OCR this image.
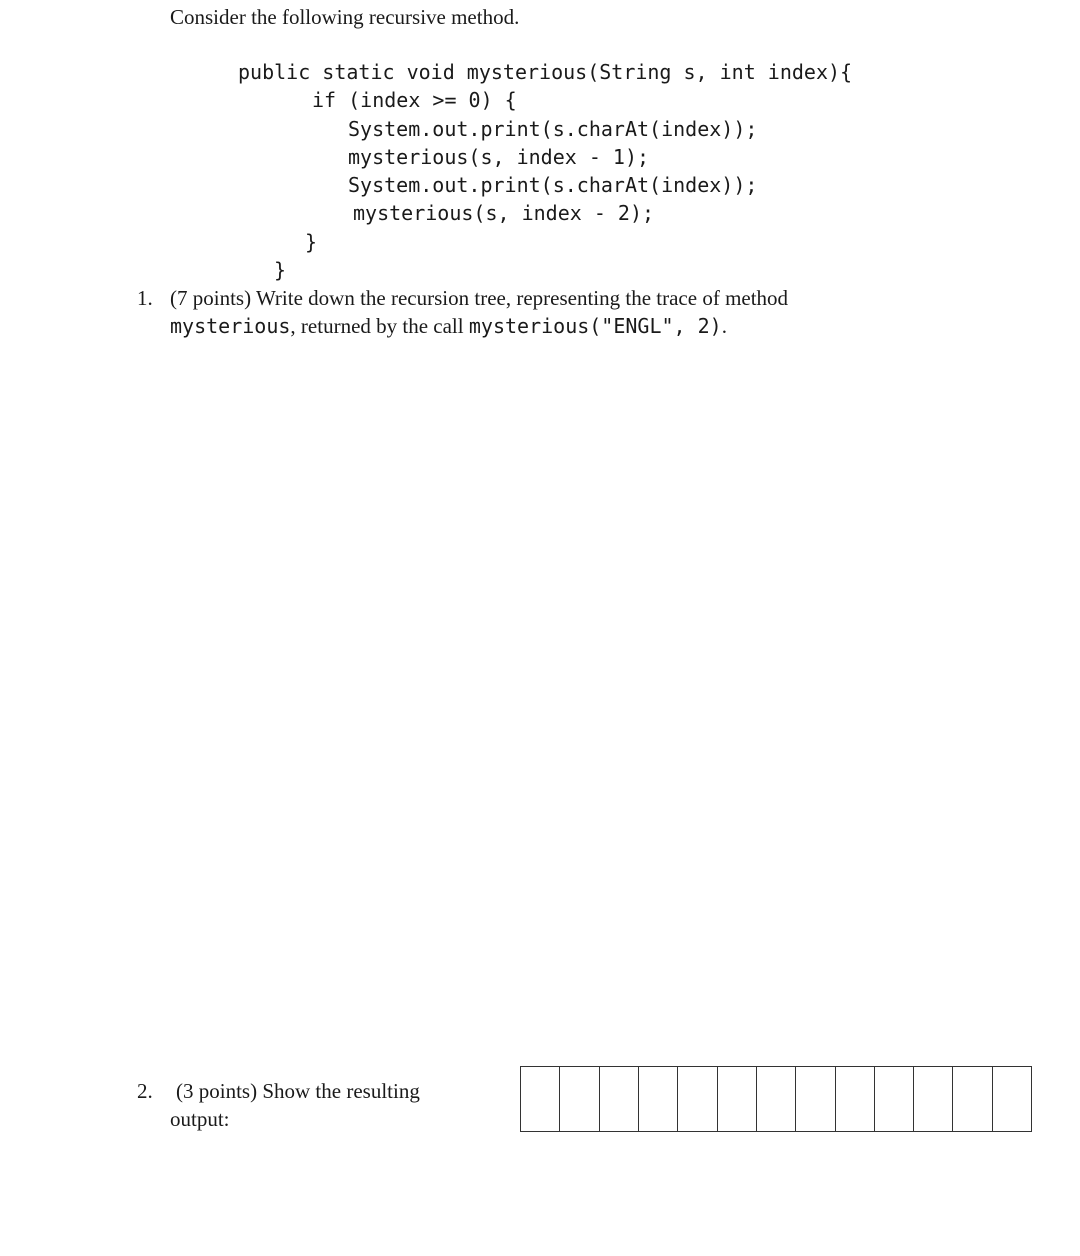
Consider the following recursive method.
public static void mysterious(String s, int index){
if (index >= 0) {
System.out.print(s.charAt(index));
mysterious(s, index - 1);
System.out.print(s.charAt(index));
mysterious(s, index - 2);
}
}
1. (7 points) Write down the recursion tree, representing the trace of method
mysterious, returned by the call mysterious("ENGL", 2).
2. (3 points) Show the resulting
output:
